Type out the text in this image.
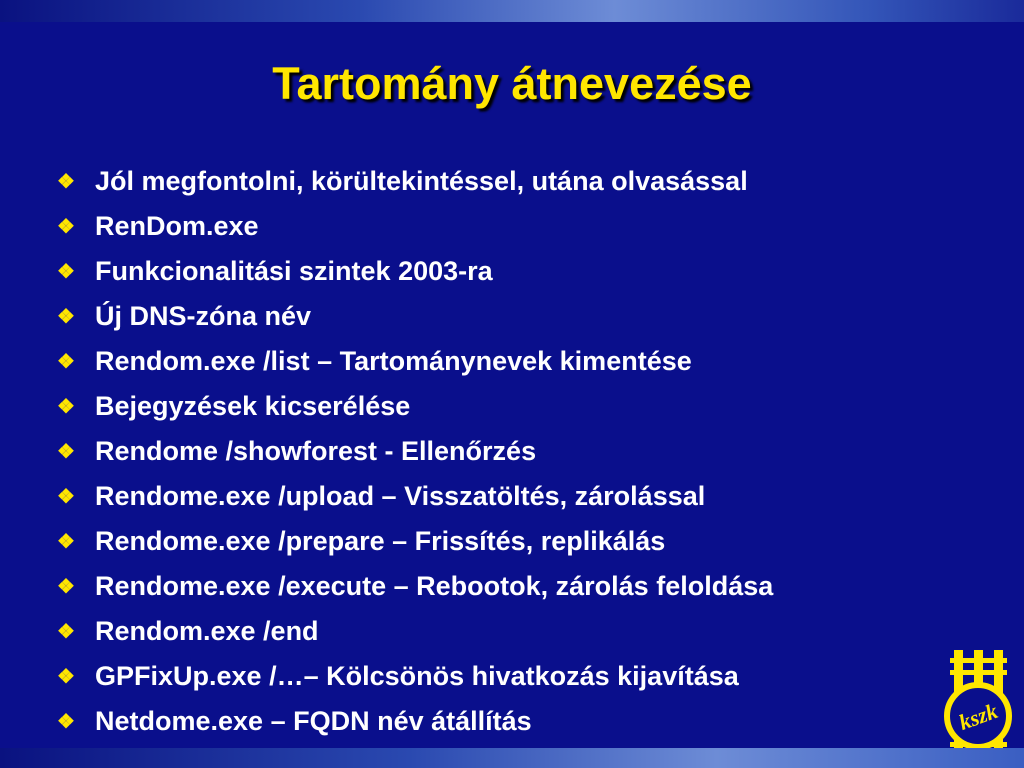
Tartomány átnevezése
❖ Jól megfontolni, körültekintéssel, utána olvasással
❖ RenDom.exe
❖ Funkcionalitási szintek 2003-ra
❖ Új DNS-zóna név
❖ Rendom.exe /list – Tartománynevek kimentése
❖ Bejegyzések kicserélése
❖ Rendome /showforest - Ellenőrzés
❖ Rendome.exe /upload – Visszatöltés, zárolással
❖ Rendome.exe /prepare – Frissítés, replikálás
❖ Rendome.exe /execute – Rebootok, zárolás feloldása
❖ Rendom.exe /end
❖ GPFixUp.exe /…– Kölcsönös hivatkozás kijavítása
❖ Netdome.exe – FQDN név átállítás	kszk
